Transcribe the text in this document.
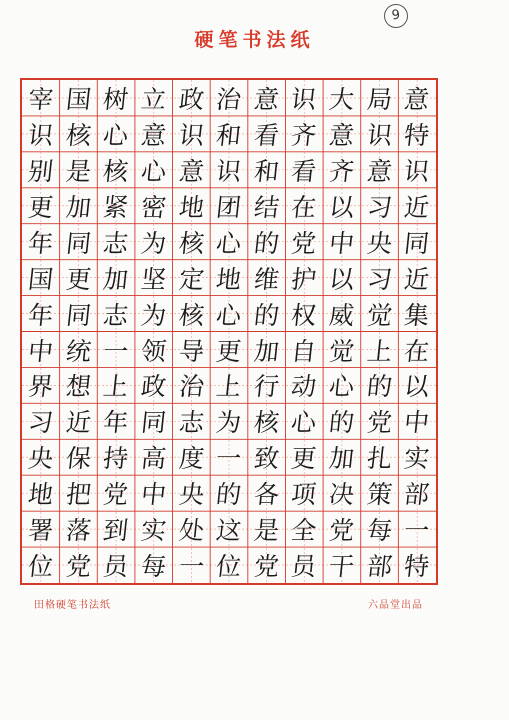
硬笔书法纸
9
宰
识
别
更
年
国
年
中
界
习
央
地
署
位
国
核
是
加
同
更
同
统
想
近
保
把
落
党
树
心
核
紧
志
加
志
一
上
年
持
党
到
员
立
意
心
密
为
坚
为
领
政
同
高
中
实
每
政
识
意
地
核
定
核
导
治
志
度
央
处
一
治
和
识
团
心
地
心
更
上
为
一
的
这
位
意
看
和
结
的
维
的
加
行
核
致
各
是
党
识
齐
看
在
党
护
权
自
动
心
更
项
全
员
大
意
齐
以
中
以
威
觉
心
的
加
决
党
干
局
识
意
习
央
习
觉
上
的
党
扎
策
每
部
意
特
识
近
同
近
集
在
以
中
实
部
一
特
田格硬笔书法纸	六品堂出品
